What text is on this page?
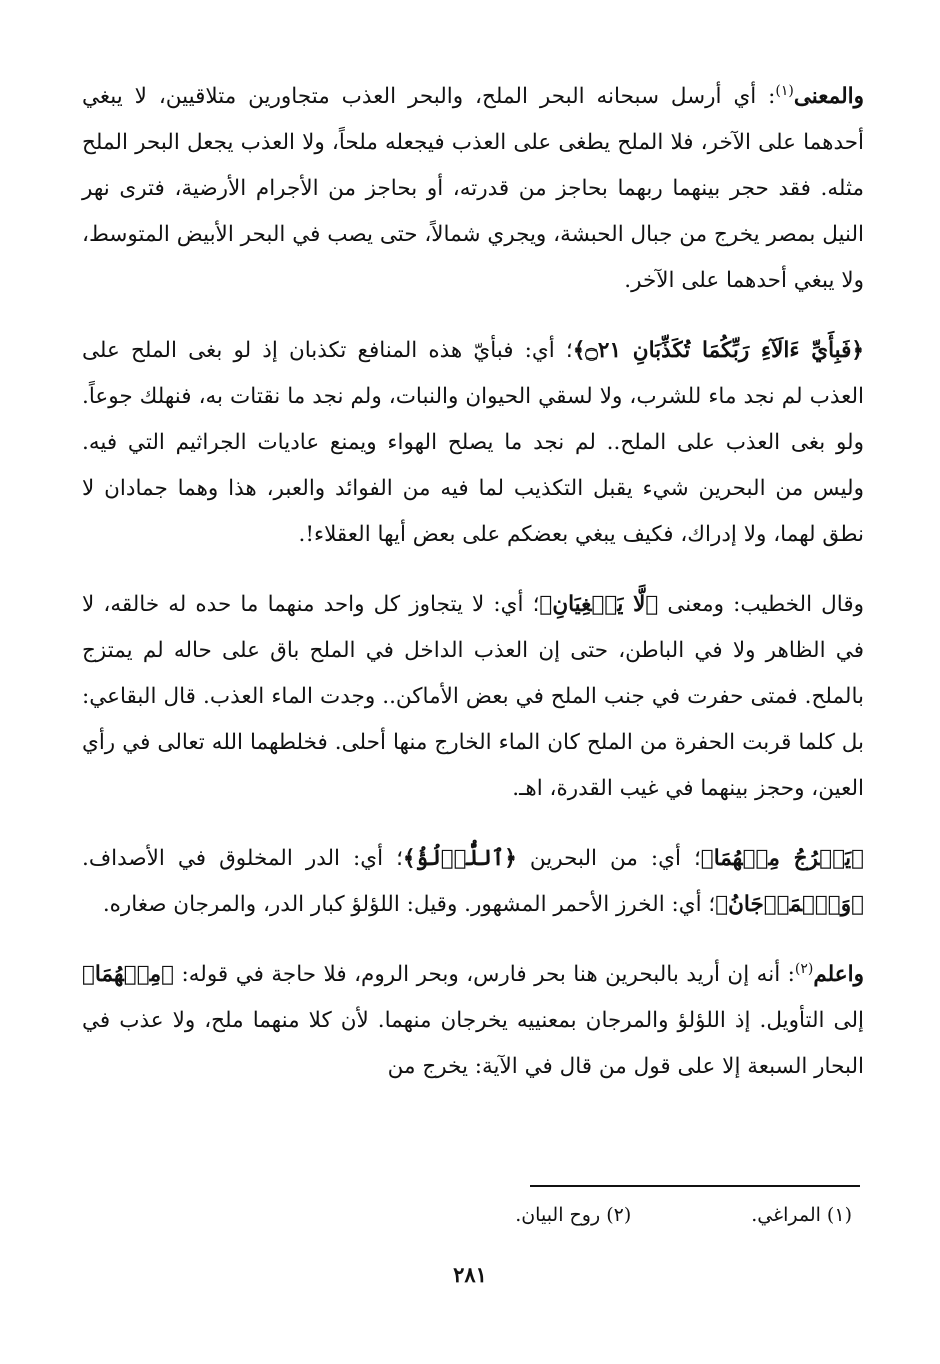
والمعنى$^{(١)}$: أي أرسل سبحانه البحر الملح، والبحر العذب متجاورين متلاقيين، لا يبغي أحدهما على الآخر، فلا الملح يطغى على العذب فيجعله ملحاً، ولا العذب يجعل البحر الملح مثله. فقد حجر بينهما ربهما بحاجز من قدرته، أو بحاجز من الأجرام الأرضية، فترى نهر النيل بمصر يخرج من جبال الحبشة، ويجري شمالاً، حتى يصب في البحر الأبيض المتوسط، ولا يبغي أحدهما على الآخر.

﴿فَبِأَيِّ ءَالَآءِ رَبِّكُمَا تُكَذِّبَانِ ۝٢١﴾؛ أي: فبأيّ هذه المنافع تكذبان إذ لو بغى الملح على العذب لم نجد ماء للشرب، ولا لسقي الحيوان والنبات، ولم نجد ما نقتات به، فنهلك جوعاً. ولو بغى العذب على الملح.. لم نجد ما يصلح الهواء ويمنع عاديات الجراثيم التي فيه. وليس من البحرين شيء يقبل التكذيب لما فيه من الفوائد والعبر، هذا وهما جمادان لا نطق لهما، ولا إدراك، فكيف يبغي بعضكم على بعض أيها العقلاء!.

وقال الخطيب: ومعنى ﴿لَّا يَبۡغِيَانِ﴾؛ أي: لا يتجاوز كل واحد منهما ما حده له خالقه، لا في الظاهر ولا في الباطن، حتى إن العذب الداخل في الملح باق على حاله لم يمتزج بالملح. فمتى حفرت في جنب الملح في بعض الأماكن.. وجدت الماء العذب. قال البقاعي: بل كلما قربت الحفرة من الملح كان الماء الخارج منها أحلى. فخلطهما الله تعالى في رأي العين، وحجز بينهما في غيب القدرة، اهـ.

﴿يَخۡرُجُ مِنۡهُمَا﴾؛ أي: من البحرين ﴿ٱللُّؤۡلُؤُ﴾؛ أي: الدر المخلوق في الأصداف. ﴿وَٱلۡمَرۡجَانُ﴾؛ أي: الخرز الأحمر المشهور. وقيل: اللؤلؤ كبار الدر، والمرجان صغاره.

واعلم$^{(٢)}$: أنه إن أريد بالبحرين هنا بحر فارس، وبحر الروم، فلا حاجة في قوله: ﴿مِنۡهُمَا﴾ إلى التأويل. إذ اللؤلؤ والمرجان بمعنييه يخرجان منهما. لأن كلا منهما ملح، ولا عذب في البحار السبعة إلا على قول من قال في الآية: يخرج من

(١) المراغي.(٢) روح البيان.
٢٨١
